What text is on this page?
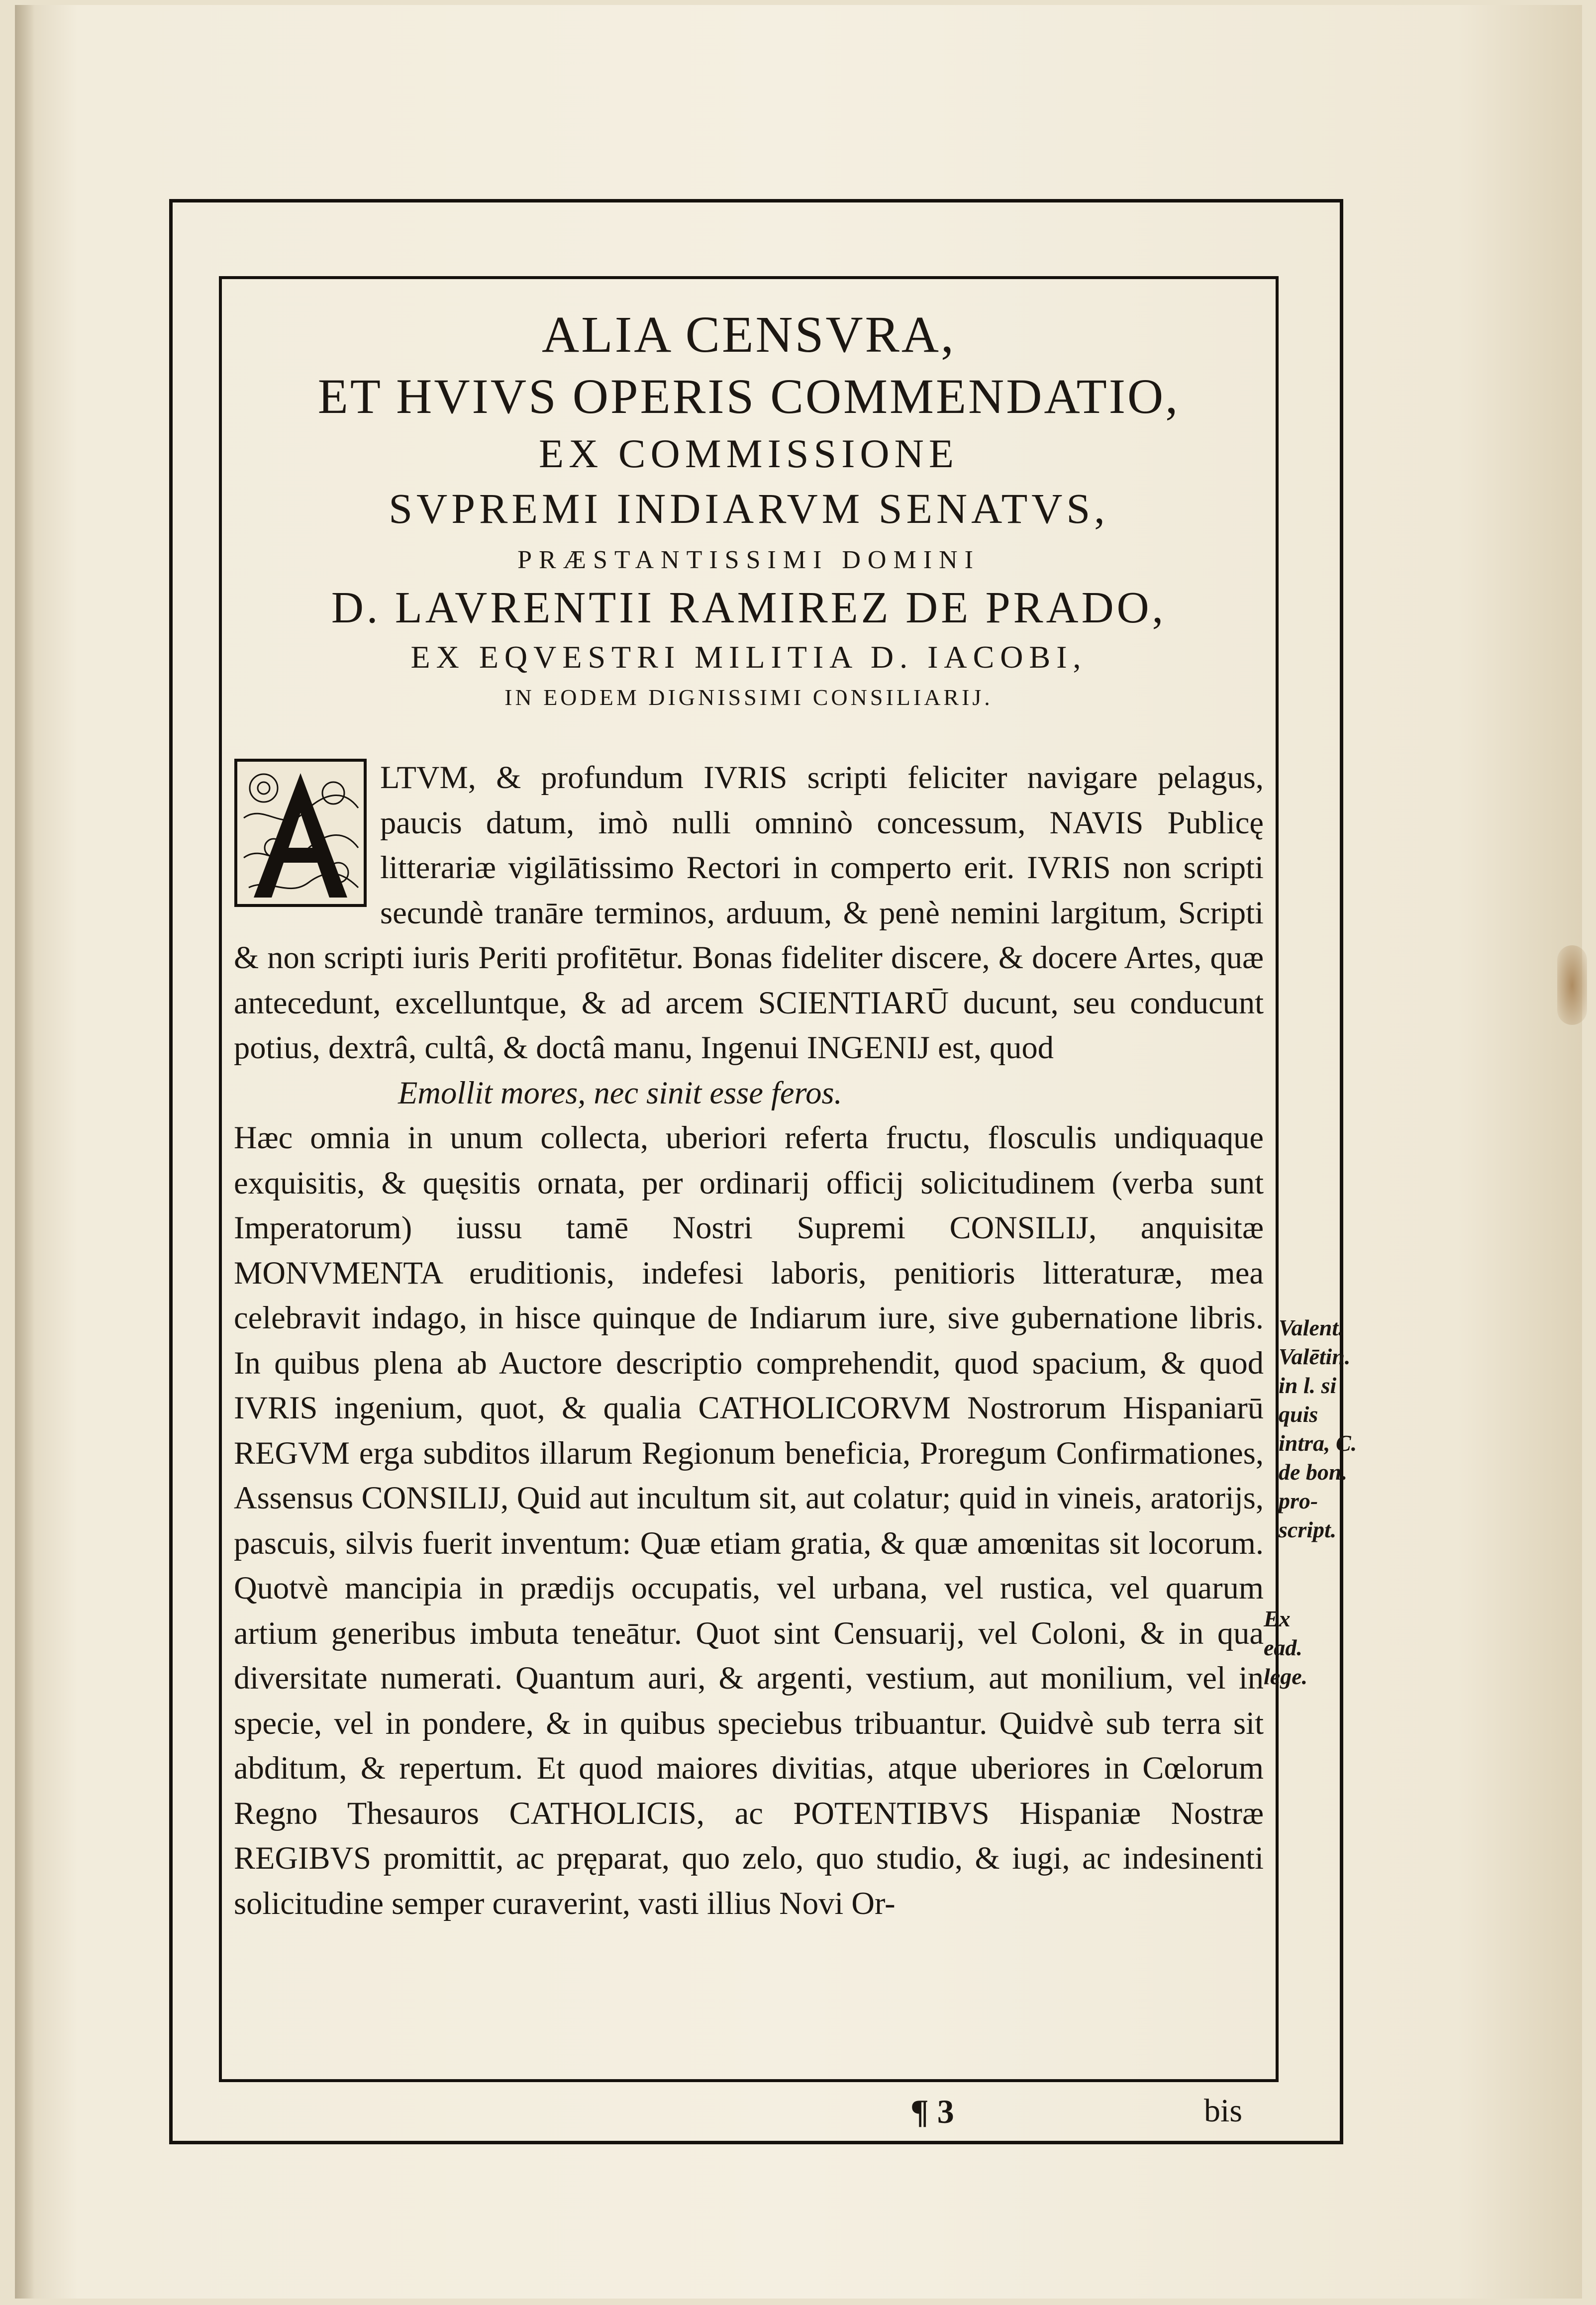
ALIA CENSVRA,
ET HVIVS OPERIS COMMENDATIO,
EX COMMISSIONE
SVPREMI INDIARVM SENATVS,
PRÆSTANTISSIMI DOMINI
D. LAVRENTII RAMIREZ DE PRADO,
EX EQVESTRI MILITIA D. IACOBI,
IN EODEM DIGNISSIMI CONSILIARIJ.
LTVM, & profundum IVRIS scripti feliciter navigare pelagus, paucis datum, imò nulli omninò concessum, NAVIS Publicę litterariæ vigilātissimo Rectori in comperto erit. IVRIS non scripti secundè tranāre terminos, arduum, & penè nemini largitum, Scripti & non scripti iuris Periti profitētur. Bonas fideliter discere, & docere Artes, quæ antecedunt, excelluntque, & ad arcem SCIENTIARŪ ducunt, seu conducunt potius, dextrâ, cultâ, & doctâ manu, Ingenui INGENIJ est, quod
Emollit mores, nec sinit esse feros.
Hæc omnia in unum collecta, uberiori referta fructu, flosculis undiquaque exquisitis, & quęsitis ornata, per ordinarij officij solicitudinem (verba sunt Imperatorum) iussu tamē Nostri Supremi CONSILIJ, anquisitæ MONVMENTA eruditionis, indefesi laboris, penitioris litteraturæ, mea celebravit indago, in hisce quinque de Indiarum iure, sive gubernatione libris. In quibus plena ab Auctore descriptio comprehendit, quod spacium, & quod IVRIS ingenium, quot, & qualia CATHOLICORVM Nostrorum Hispaniarū REGVM erga subditos illarum Regionum beneficia, Proregum Confirmationes, Assensus CONSILIJ, Quid aut incultum sit, aut colatur; quid in vineis, aratorijs, pascuis, silvis fuerit inventum: Quæ etiam gratia, & quæ amœnitas sit locorum. Quotvè mancipia in prædijs occupatis, vel urbana, vel rustica, vel quarum artium generibus imbuta teneātur. Quot sint Censuarij, vel Coloni, & in qua diversitate numerati. Quantum auri, & argenti, vestium, aut monilium, vel in specie, vel in pondere, & in quibus speciebus tribuantur. Quidvè sub terra sit abditum, & repertum. Et quod maiores divitias, atque uberiores in Cœlorum Regno Thesauros CATHOLICIS, ac POTENTIBVS Hispaniæ Nostræ REGIBVS promittit, ac pręparat, quo zelo, quo studio, & iugi, ac indesinenti solicitudine semper curaverint, vasti illius Novi Or-
Valent. Valētin. in l. si quis intra, C. de bon. pro-script.
Ex ead. lege.
¶ 3	bis
